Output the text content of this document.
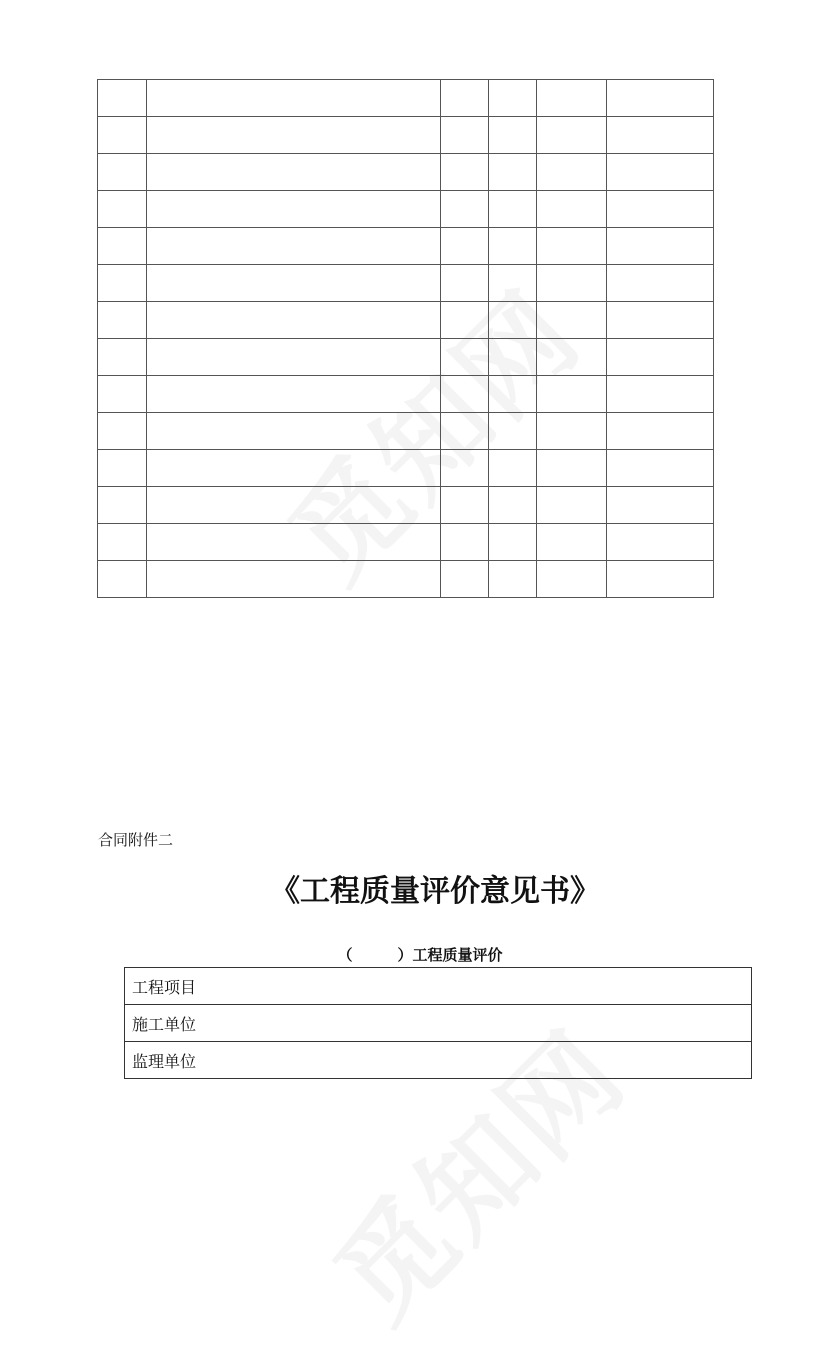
合同附件二
《工程质量评价意见书》
（　　　）工程质量评价
工程项目
施工单位
监理单位
